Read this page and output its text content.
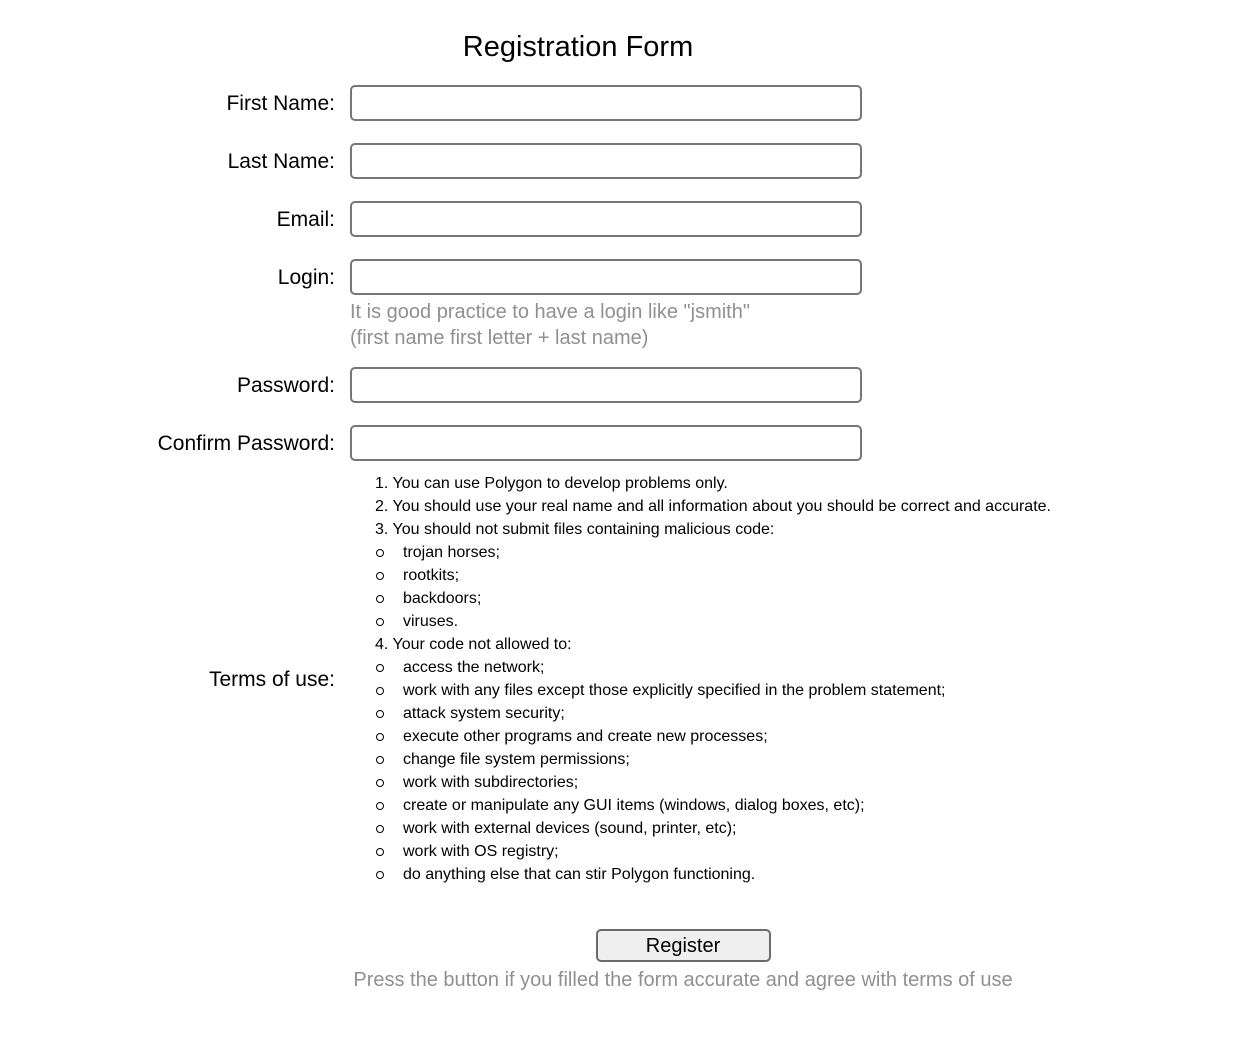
Registration Form
First Name:
Last Name:
Email:
Login:
It is good practice to have a login like "jsmith"
(first name first letter + last name)
Password:
Confirm Password:
Terms of use:
1. You can use Polygon to develop problems only.
2. You should use your real name and all information about you should be correct and accurate.
3. You should not submit files containing malicious code:
trojan horses;
rootkits;
backdoors;
viruses.
4. Your code not allowed to:
access the network;
work with any files except those explicitly specified in the problem statement;
attack system security;
execute other programs and create new processes;
change file system permissions;
work with subdirectories;
create or manipulate any GUI items (windows, dialog boxes, etc);
work with external devices (sound, printer, etc);
work with OS registry;
do anything else that can stir Polygon functioning.
Register
Press the button if you filled the form accurate and agree with terms of use
